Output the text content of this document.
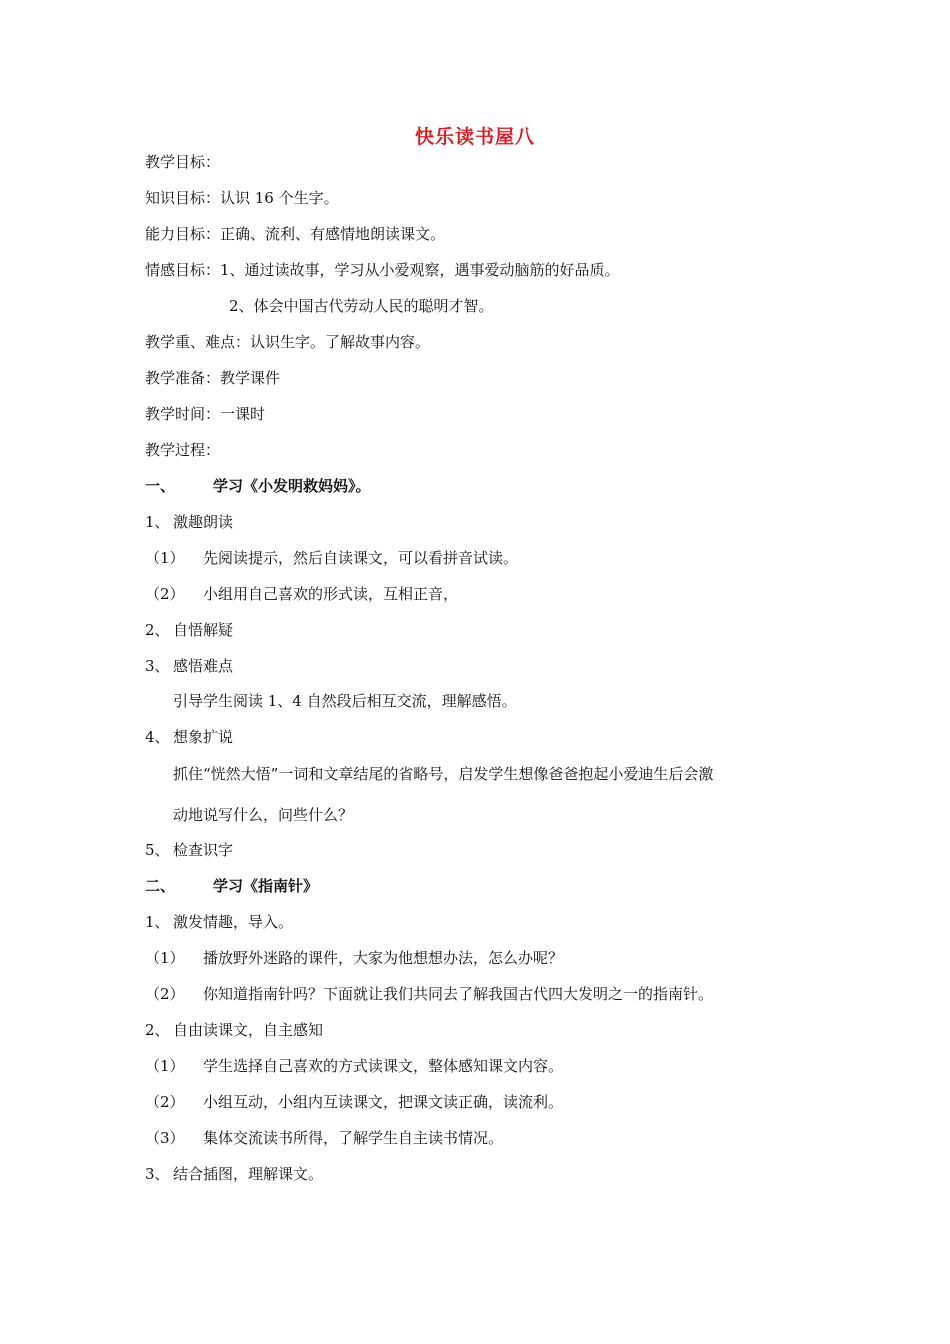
快乐读书屋八
教学目标：
知识目标：认识 16 个生字。
能力目标：正确、流利、有感情地朗读课文。
情感目标：1、通过读故事，学习从小爱观察，遇事爱动脑筋的好品质。
2、体会中国古代劳动人民的聪明才智。
教学重、难点：认识生字。了解故事内容。
教学准备：教学课件
教学时间：一课时
教学过程：
一、	学习《小发明救妈妈》。
1、 激趣朗读
（1） 先阅读提示，然后自读课文，可以看拼音试读。
（2） 小组用自己喜欢的形式读，互相正音，
2、 自悟解疑
3、 感悟难点
引导学生阅读 1、4 自然段后相互交流，理解感悟。
4、 想象扩说
抓住“恍然大悟”一词和文章结尾的省略号，启发学生想像爸爸抱起小爱迪生后会激
动地说写什么，问些什么？
5、 检查识字
二、	学习《指南针》
1、 激发情趣，导入。
（1） 播放野外迷路的课件，大家为他想想办法，怎么办呢？
（2） 你知道指南针吗？下面就让我们共同去了解我国古代四大发明之一的指南针。
2、 自由读课文，自主感知
（1） 学生选择自己喜欢的方式读课文，整体感知课文内容。
（2） 小组互动，小组内互读课文，把课文读正确，读流利。
（3） 集体交流读书所得，了解学生自主读书情况。
3、 结合插图，理解课文。
